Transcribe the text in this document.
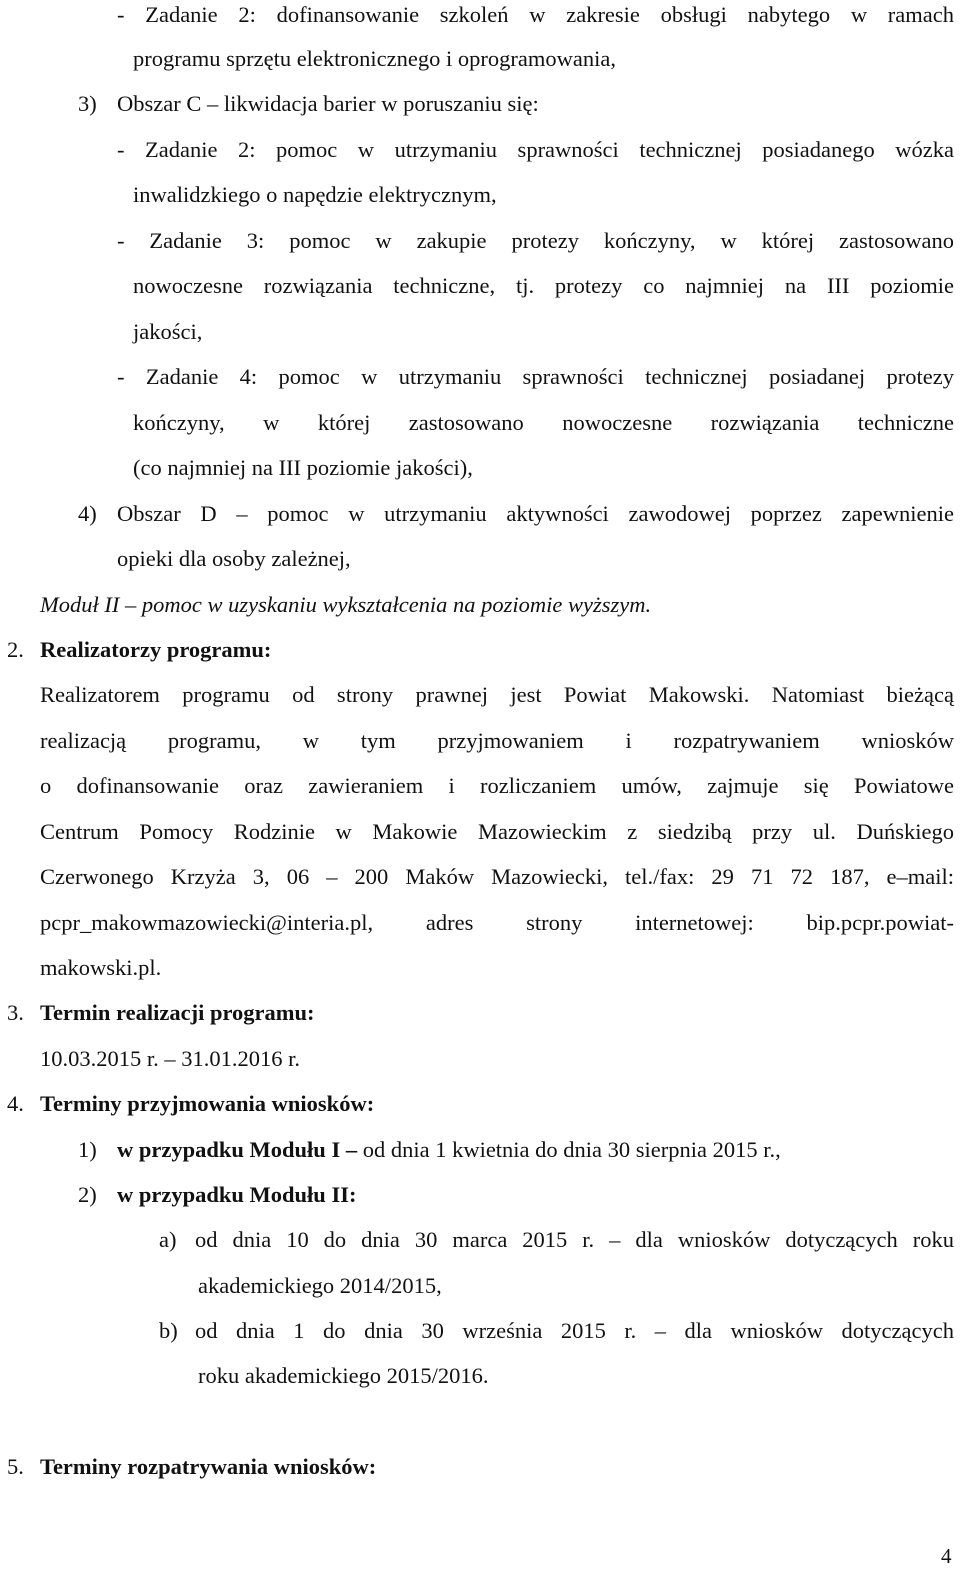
- Zadanie 2: dofinansowanie szkoleń w zakresie obsługi nabytego w ramach
programu sprzętu elektronicznego i oprogramowania,
3) Obszar C – likwidacja barier w poruszaniu się:
- Zadanie 2: pomoc w utrzymaniu sprawności technicznej posiadanego wózka
inwalidzkiego o napędzie elektrycznym,
- Zadanie 3: pomoc w zakupie protezy kończyny, w której zastosowano
nowoczesne rozwiązania techniczne, tj. protezy co najmniej na III poziomie
jakości,
- Zadanie 4: pomoc w utrzymaniu sprawności technicznej posiadanej protezy
kończyny, w której zastosowano nowoczesne rozwiązania techniczne
(co najmniej na III poziomie jakości),
4) Obszar D – pomoc w utrzymaniu aktywności zawodowej poprzez zapewnienie
opieki dla osoby zależnej,
Moduł II – pomoc w uzyskaniu wykształcenia na poziomie wyższym.
2. Realizatorzy programu:
Realizatorem programu od strony prawnej jest Powiat Makowski. Natomiast bieżącą
realizacją programu, w tym przyjmowaniem i rozpatrywaniem wniosków
o dofinansowanie oraz zawieraniem i rozliczaniem umów, zajmuje się Powiatowe
Centrum Pomocy Rodzinie w Makowie Mazowieckim z siedzibą przy ul. Duńskiego
Czerwonego Krzyża 3, 06 – 200 Maków Mazowiecki, tel./fax: 29 71 72 187, e–mail:
pcpr_makowmazowiecki@interia.pl, adres strony internetowej: bip.pcpr.powiat-
makowski.pl.
3. Termin realizacji programu:
10.03.2015 r. – 31.01.2016 r.
4. Terminy przyjmowania wniosków:
1) w przypadku Modułu I – od dnia 1 kwietnia do dnia 30 sierpnia 2015 r.,
2) w przypadku Modułu II:
a) od dnia 10 do dnia 30 marca 2015 r. – dla wniosków dotyczących roku
akademickiego 2014/2015,
b) od dnia 1 do dnia 30 września 2015 r. – dla wniosków dotyczących
roku akademickiego 2015/2016.
5. Terminy rozpatrywania wniosków:
4
